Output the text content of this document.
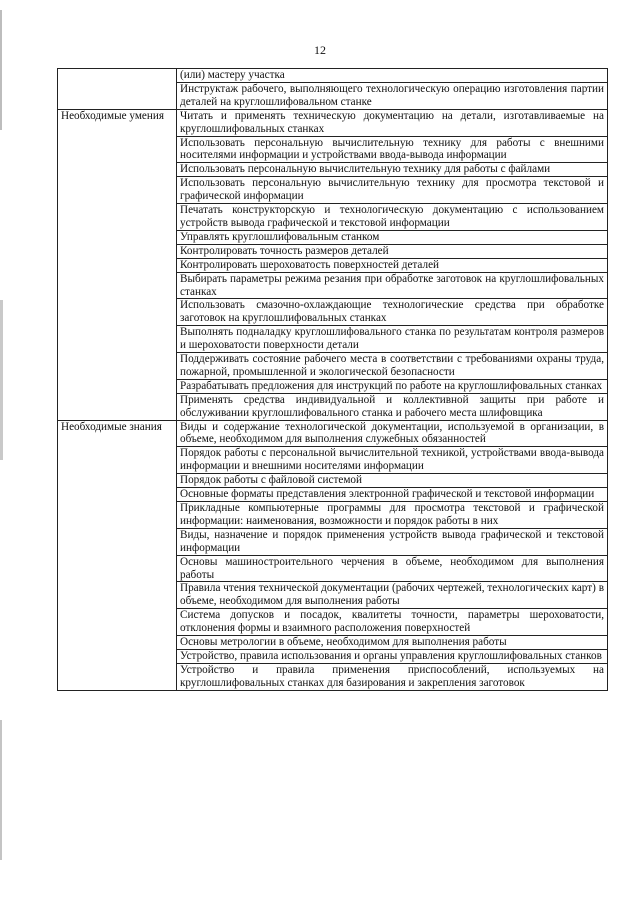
12
	(или) мастеру участка
	Инструктаж рабочего, выполняющего технологическую операцию изготовления партии деталей на круглошлифовальном станке
Необходимые умения	Читать и применять техническую документацию на детали, изготавливаемые на круглошлифовальных станках
	Использовать персональную вычислительную технику для работы с внешними носителями информации и устройствами ввода-вывода информации
	Использовать персональную вычислительную технику для работы с файлами
	Использовать персональную вычислительную технику для просмотра текстовой и графической информации
	Печатать конструкторскую и технологическую документацию с использованием устройств вывода графической и текстовой информации
	Управлять круглошлифовальным станком
	Контролировать точность размеров деталей
	Контролировать шероховатость поверхностей деталей
	Выбирать параметры режима резания при обработке заготовок на круглошлифовальных станках
	Использовать смазочно-охлаждающие технологические средства при обработке заготовок на круглошлифовальных станках
	Выполнять подналадку круглошлифовального станка по результатам контроля размеров и шероховатости поверхности детали
	Поддерживать состояние рабочего места в соответствии с требованиями охраны труда, пожарной, промышленной и экологической безопасности
	Разрабатывать предложения для инструкций по работе на круглошлифовальных станках
	Применять средства индивидуальной и коллективной защиты при работе и обслуживании круглошлифовального станка и рабочего места шлифовщика
Необходимые знания	Виды и содержание технологической документации, используемой в организации, в объеме, необходимом для выполнения служебных обязанностей
	Порядок работы с персональной вычислительной техникой, устройствами ввода-вывода информации и внешними носителями информации
	Порядок работы с файловой системой
	Основные форматы представления электронной графической и текстовой информации
	Прикладные компьютерные программы для просмотра текстовой и графической информации: наименования, возможности и порядок работы в них
	Виды, назначение и порядок применения устройств вывода графической и текстовой информации
	Основы машиностроительного черчения в объеме, необходимом для выполнения работы
	Правила чтения технической документации (рабочих чертежей, технологических карт) в объеме, необходимом для выполнения работы
	Система допусков и посадок, квалитеты точности, параметры шероховатости, отклонения формы и взаимного расположения поверхностей
	Основы метрологии в объеме, необходимом для выполнения работы
	Устройство, правила использования и органы управления круглошлифовальных станков
	Устройство и правила применения приспособлений, используемых на круглошлифовальных станках для базирования и закрепления заготовок
